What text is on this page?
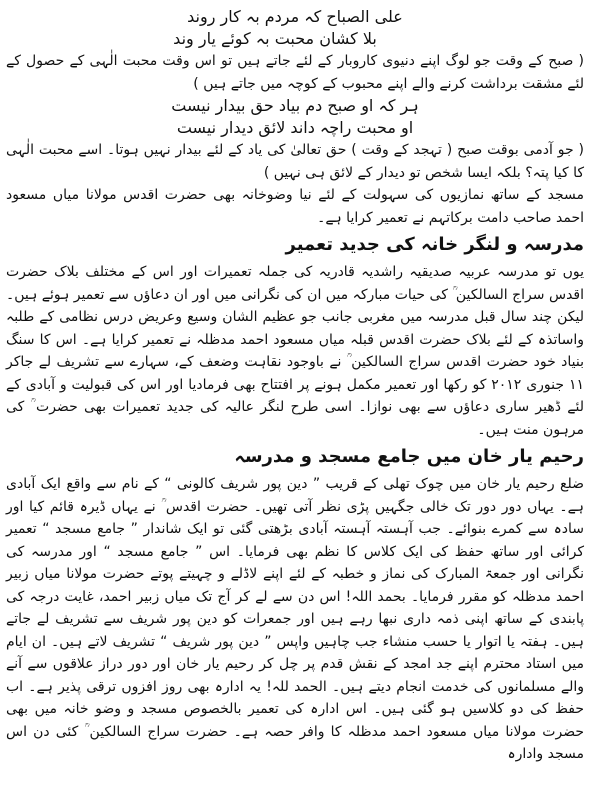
علی الصباح کہ مردم بہ کار روند

بلا کشان محبت بہ کوئے یار وند

( صبح کے وقت جو لوگ اپنے دنیوی کاروبار کے لئے جاتے ہیں تو اس وقت محبت الٰہی کے حصول کے لئے مشقت برداشت کرنے والے اپنے محبوب کے کوچہ میں جاتے ہیں )

ہر کہ او صبح دم بیاد حق بیدار نیست

او محبت راچہ داند لائق دیدار نیست

( جو آدمی بوقت صبح ( تہجد کے وقت ) حق تعالیٰ کی یاد کے لئے بیدار نہیں ہوتا۔ اسے محبت الٰہی کا کیا پتہ؟ بلکہ ایسا شخص تو دیدار کے لائق ہی نہیں )

مسجد کے ساتھ نمازیوں کی سہولت کے لئے نیا وضوخانہ بھی حضرت اقدس مولانا میاں مسعود احمد صاحب دامت برکاتہم نے تعمیر کرایا ہے۔

مدرسہ و لنگر خانہ کی جدید تعمیر

یوں تو مدرسہ عربیہ صدیقیہ راشدیہ قادریہ کی جملہ تعمیرات اور اس کے مختلف بلاک حضرت اقدس سراج السالکین ؒ کی حیات مبارکہ میں ان کی نگرانی میں اور ان دعاؤں سے تعمیر ہوئے ہیں۔ لیکن چند سال قبل مدرسہ میں مغربی جانب جو عظیم الشان وسیع وعریض درس نظامی کے طلبہ واساتذہ کے لئے بلاک حضرت اقدس قبلہ میاں مسعود احمد مدظلہ نے تعمیر کرایا ہے۔ اس کا سنگ بنیاد خود حضرت اقدس سراج السالکین ؒ نے باوجود نقاہت وضعف کے، سہارے سے تشریف لے جاکر ۱۱ جنوری ۲۰۱۲ کو رکھا اور تعمیر مکمل ہونے پر افتتاح بھی فرمادیا اور اس کی قبولیت و آبادی کے لئے ڈھیر ساری دعاؤں سے بھی نوازا۔ اسی طرح لنگر عالیہ کی جدید تعمیرات بھی حضرت ؒ کی مرہون منت ہیں۔

رحیم یار خان میں جامع مسجد و مدرسہ

ضلع رحیم یار خان میں چوک تھلی کے قریب ” دین پور شریف کالونی “ کے نام سے واقع ایک آبادی ہے۔ یہاں دور دور تک خالی جگہیں پڑی نظر آتی تھیں۔ حضرت اقدس ؒ نے یہاں ڈیرہ قائم کیا اور سادہ سے کمرے بنوائے۔ جب آہستہ آہستہ آبادی بڑھتی گئی تو ایک شاندار ” جامع مسجد “ تعمیر کرائی اور ساتھ حفظ کی ایک کلاس کا نظم بھی فرمایا۔ اس ” جامع مسجد “ اور مدرسہ کی نگرانی اور جمعۃ المبارک کی نماز و خطبہ کے لئے اپنے لاڈلے و چہیتے پوتے حضرت مولانا میاں زبیر احمد مدظلہ کو مقرر فرمایا۔ بحمد اللہ! اس دن سے لے کر آج تک میاں زبیر احمد، غایت درجہ کی پابندی کے ساتھ اپنی ذمہ داری نبھا رہے ہیں اور جمعرات کو دین پور شریف سے تشریف لے جاتے ہیں۔ ہفتہ یا اتوار یا حسب منشاء جب چاہیں واپس ” دین پور شریف “ تشریف لاتے ہیں۔ ان ایام میں استاد محترم اپنے جد امجد کے نقش قدم پر چل کر رحیم یار خان اور دور دراز علاقوں سے آنے والے مسلمانوں کی خدمت انجام دیتے ہیں۔ الحمد للہ! یہ ادارہ بھی روز افزوں ترقی پذیر ہے۔ اب حفظ کی دو کلاسیں ہو گئی ہیں۔ اس ادارہ کی تعمیر بالخصوص مسجد و وضو خانہ میں بھی حضرت مولانا میاں مسعود احمد مدظلہ کا وافر حصہ ہے۔ حضرت سراج السالکین ؒ کئی دن اس مسجد وادارہ
